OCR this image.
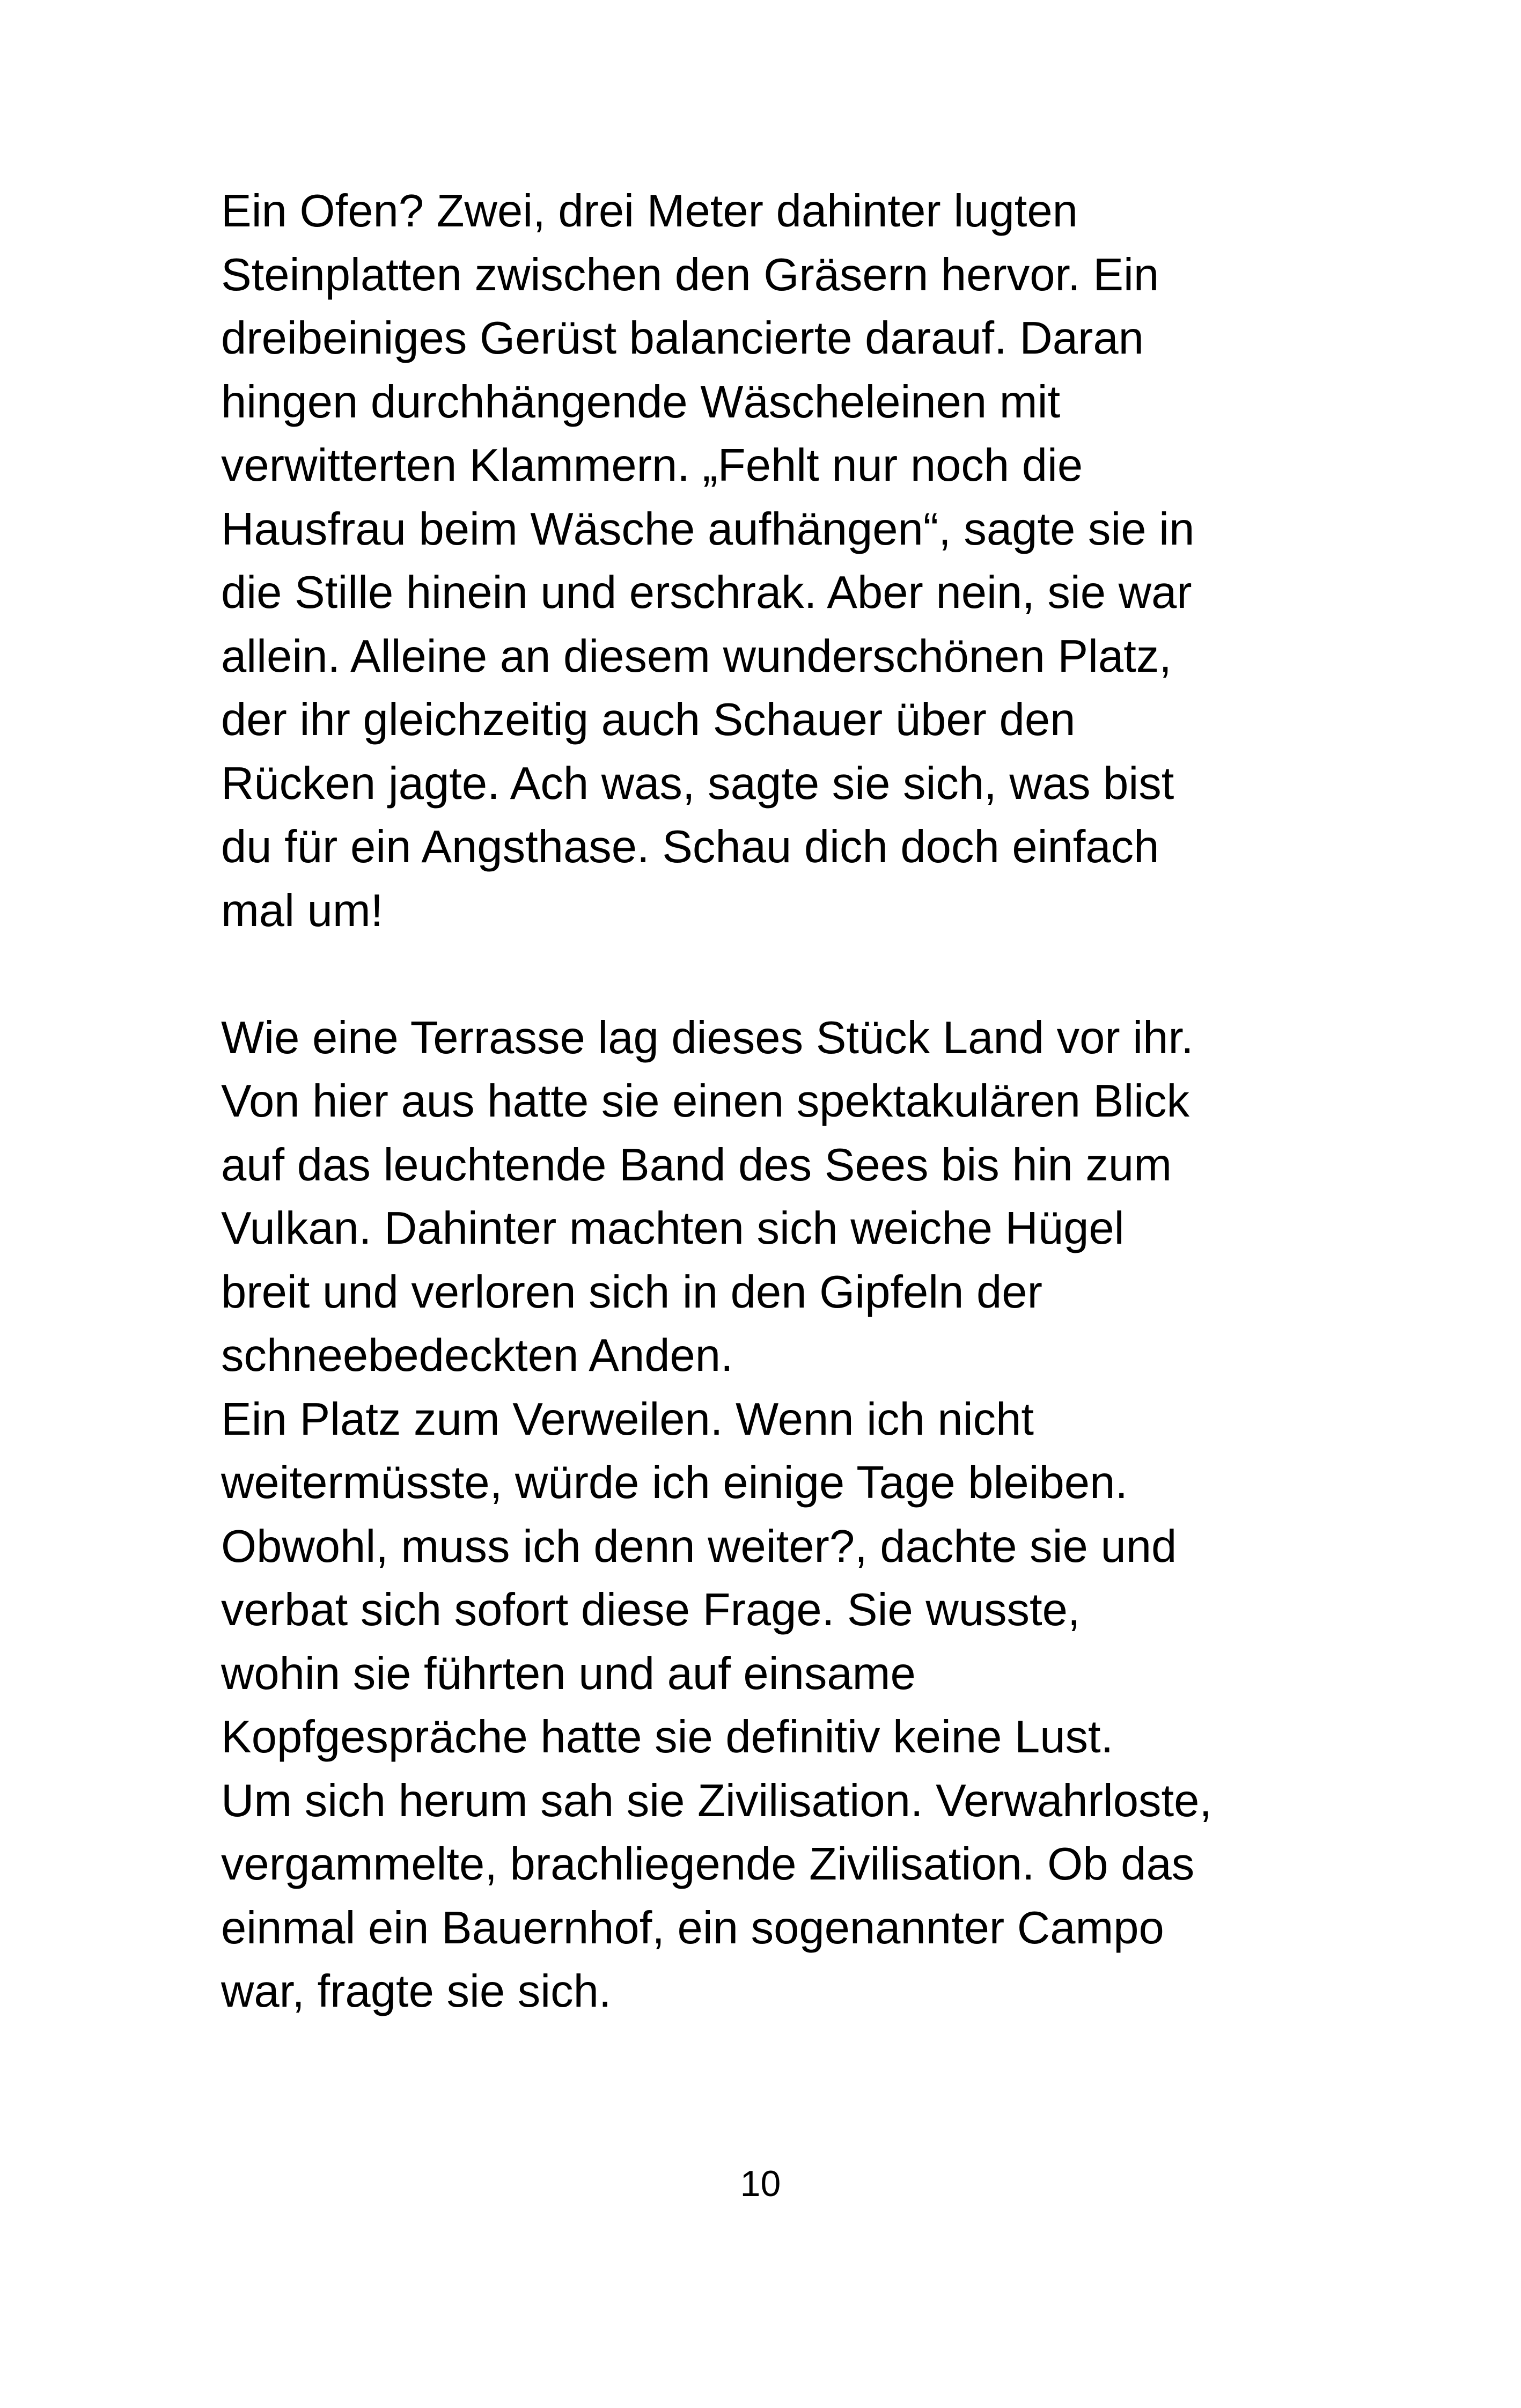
Ein Ofen? Zwei, drei Meter dahinter lugten
Steinplatten zwischen den Gräsern hervor. Ein
dreibeiniges Gerüst balancierte darauf. Daran
hingen durchhängende Wäscheleinen mit
verwitterten Klammern. „Fehlt nur noch die
Hausfrau beim Wäsche aufhängen“, sagte sie in
die Stille hinein und erschrak. Aber nein, sie war
allein. Alleine an diesem wunderschönen Platz,
der ihr gleichzeitig auch Schauer über den
Rücken jagte. Ach was, sagte sie sich, was bist
du für ein Angsthase. Schau dich doch einfach
mal um!
Wie eine Terrasse lag dieses Stück Land vor ihr.
Von hier aus hatte sie einen spektakulären Blick
auf das leuchtende Band des Sees bis hin zum
Vulkan. Dahinter machten sich weiche Hügel
breit und verloren sich in den Gipfeln der
schneebedeckten Anden.
Ein Platz zum Verweilen. Wenn ich nicht
weitermüsste, würde ich einige Tage bleiben.
Obwohl, muss ich denn weiter?, dachte sie und
verbat sich sofort diese Frage. Sie wusste,
wohin sie führten und auf einsame
Kopfgespräche hatte sie definitiv keine Lust.
Um sich herum sah sie Zivilisation. Verwahrloste,
vergammelte, brachliegende Zivilisation. Ob das
einmal ein Bauernhof, ein sogenannter Campo
war, fragte sie sich.
10
